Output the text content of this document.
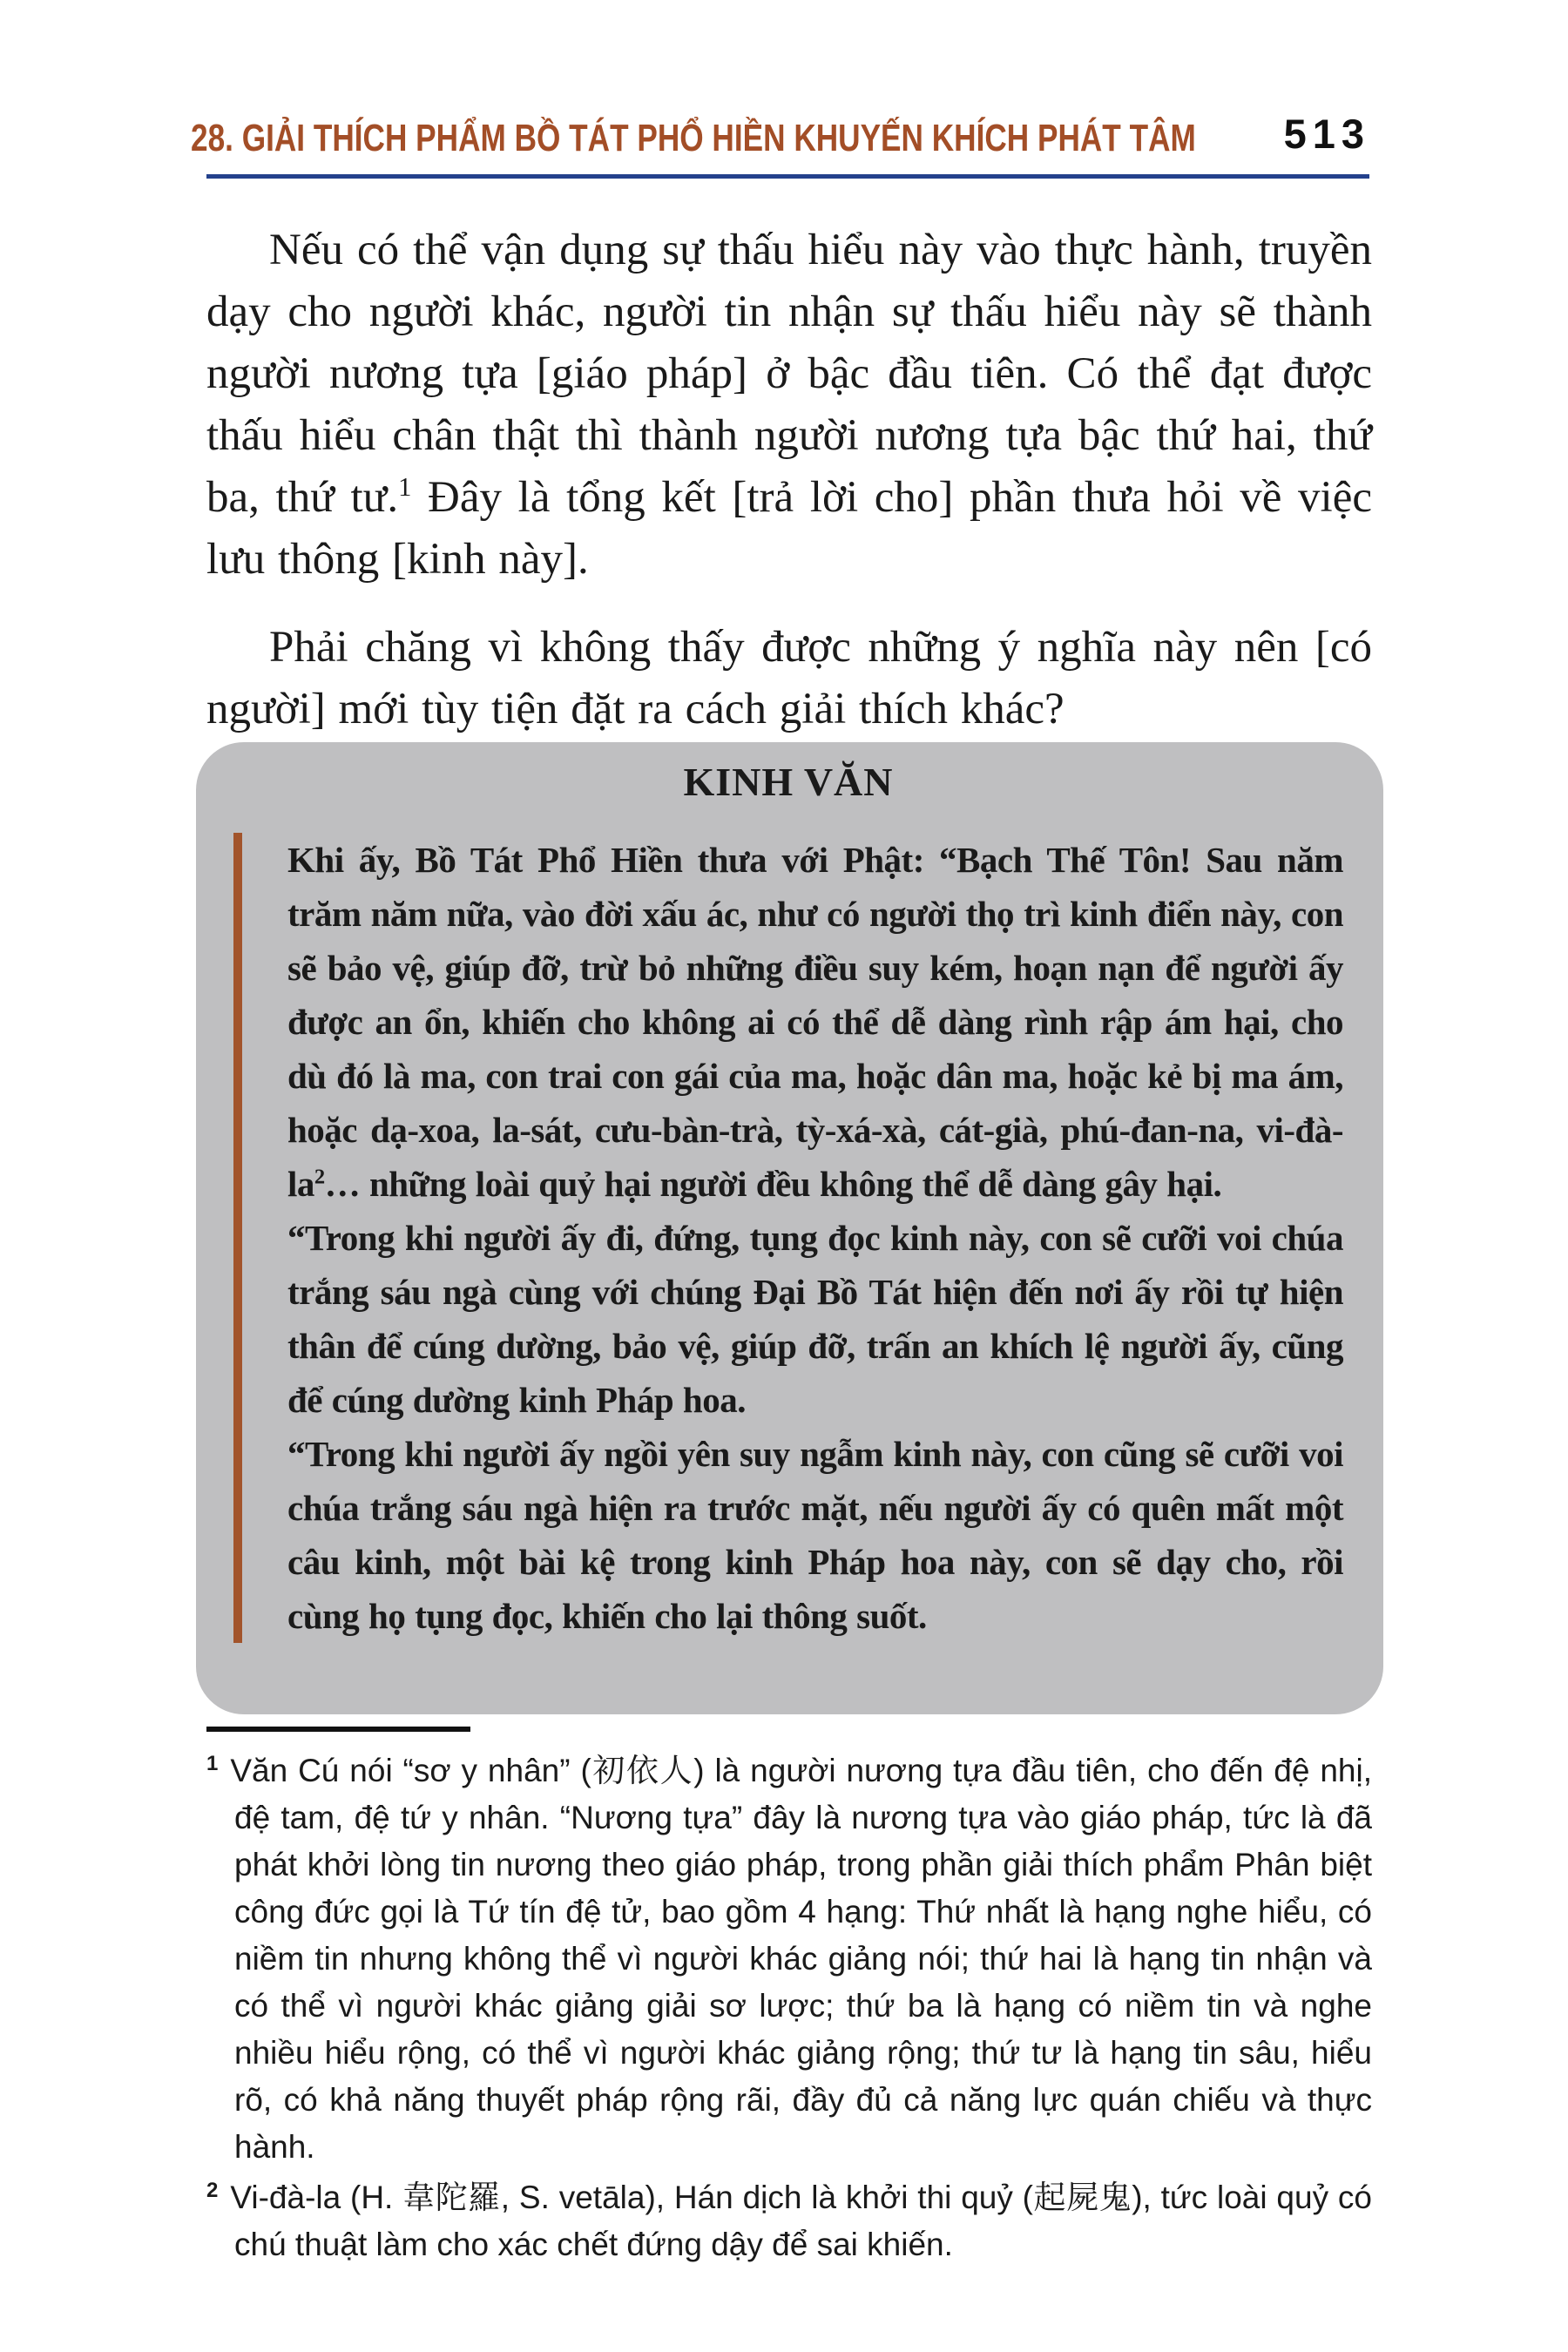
28. GIẢI THÍCH PHẨM BỒ TÁT PHỔ HIỀN KHUYẾN KHÍCH PHÁT TÂM 513

Nếu có thể vận dụng sự thấu hiểu này vào thực hành, truyền dạy cho người khác, người tin nhận sự thấu hiểu này sẽ thành người nương tựa [giáo pháp] ở bậc đầu tiên. Có thể đạt được thấu hiểu chân thật thì thành người nương tựa bậc thứ hai, thứ ba, thứ tư.$^1$ Đây là tổng kết [trả lời cho] phần thưa hỏi về việc lưu thông [kinh này].

Phải chăng vì không thấy được những ý nghĩa này nên [có người] mới tùy tiện đặt ra cách giải thích khác?

KINH VĂN

Khi ấy, Bồ Tát Phổ Hiền thưa với Phật: “Bạch Thế Tôn! Sau năm trăm năm nữa, vào đời xấu ác, như có người thọ trì kinh điển này, con sẽ bảo vệ, giúp đỡ, trừ bỏ những điều suy kém, hoạn nạn để người ấy được an ổn, khiến cho không ai có thể dễ dàng rình rập ám hại, cho dù đó là ma, con trai con gái của ma, hoặc dân ma, hoặc kẻ bị ma ám, hoặc dạ-xoa, la-sát, cưu-bàn-trà, tỳ-xá-xà, cát-già, phú-đan-na, $vi-đà-la^2\dots$ những loài quỷ hại người đều không thể dễ dàng gây hại.

“Trong khi người ấy đi, đứng, tụng đọc kinh này, con sẽ cưỡi voi chúa trắng sáu ngà cùng với chúng Đại Bồ Tát hiện đến nơi ấy rồi tự hiện thân để cúng dường, bảo vệ, giúp đỡ, trấn an khích lệ người ấy, cũng để cúng dường kinh Pháp hoa.

“Trong khi người ấy ngồi yên suy ngẫm kinh này, con cũng sẽ cưỡi voi chúa trắng sáu ngà hiện ra trước mặt, nếu người ấy có quên mất một câu kinh, một bài kệ trong kinh Pháp hoa này, con sẽ dạy cho, rồi cùng họ tụng đọc, khiến cho lại thông suốt.

$^1$ Văn Cú nói “sơ y nhân” (初依人) là người nương tựa đầu tiên, cho đến đệ nhị, đệ tam, đệ tứ y nhân. “Nương tựa” đây là nương tựa vào giáo pháp, tức là đã phát khởi lòng tin nương theo giáo pháp, trong phần giải thích phẩm Phân biệt công đức gọi là Tứ tín đệ tử, bao gồm 4 hạng: Thứ nhất là hạng nghe hiểu, có niềm tin nhưng không thể vì người khác giảng nói; thứ hai là hạng tin nhận và có thể vì người khác giảng giải sơ lược; thứ ba là hạng có niềm tin và nghe nhiều hiểu rộng, có thể vì người khác giảng rộng; thứ tư là hạng tin sâu, hiểu rõ, có khả năng thuyết pháp rộng rãi, đầy đủ cả năng lực quán chiếu và thực hành.

$^2$ Vi-đà-la (H. 韋陀羅, S. vetāla), Hán dịch là khởi thi quỷ (起屍鬼), tức loài quỷ có chú thuật làm cho xác chết đứng dậy để sai khiến.
